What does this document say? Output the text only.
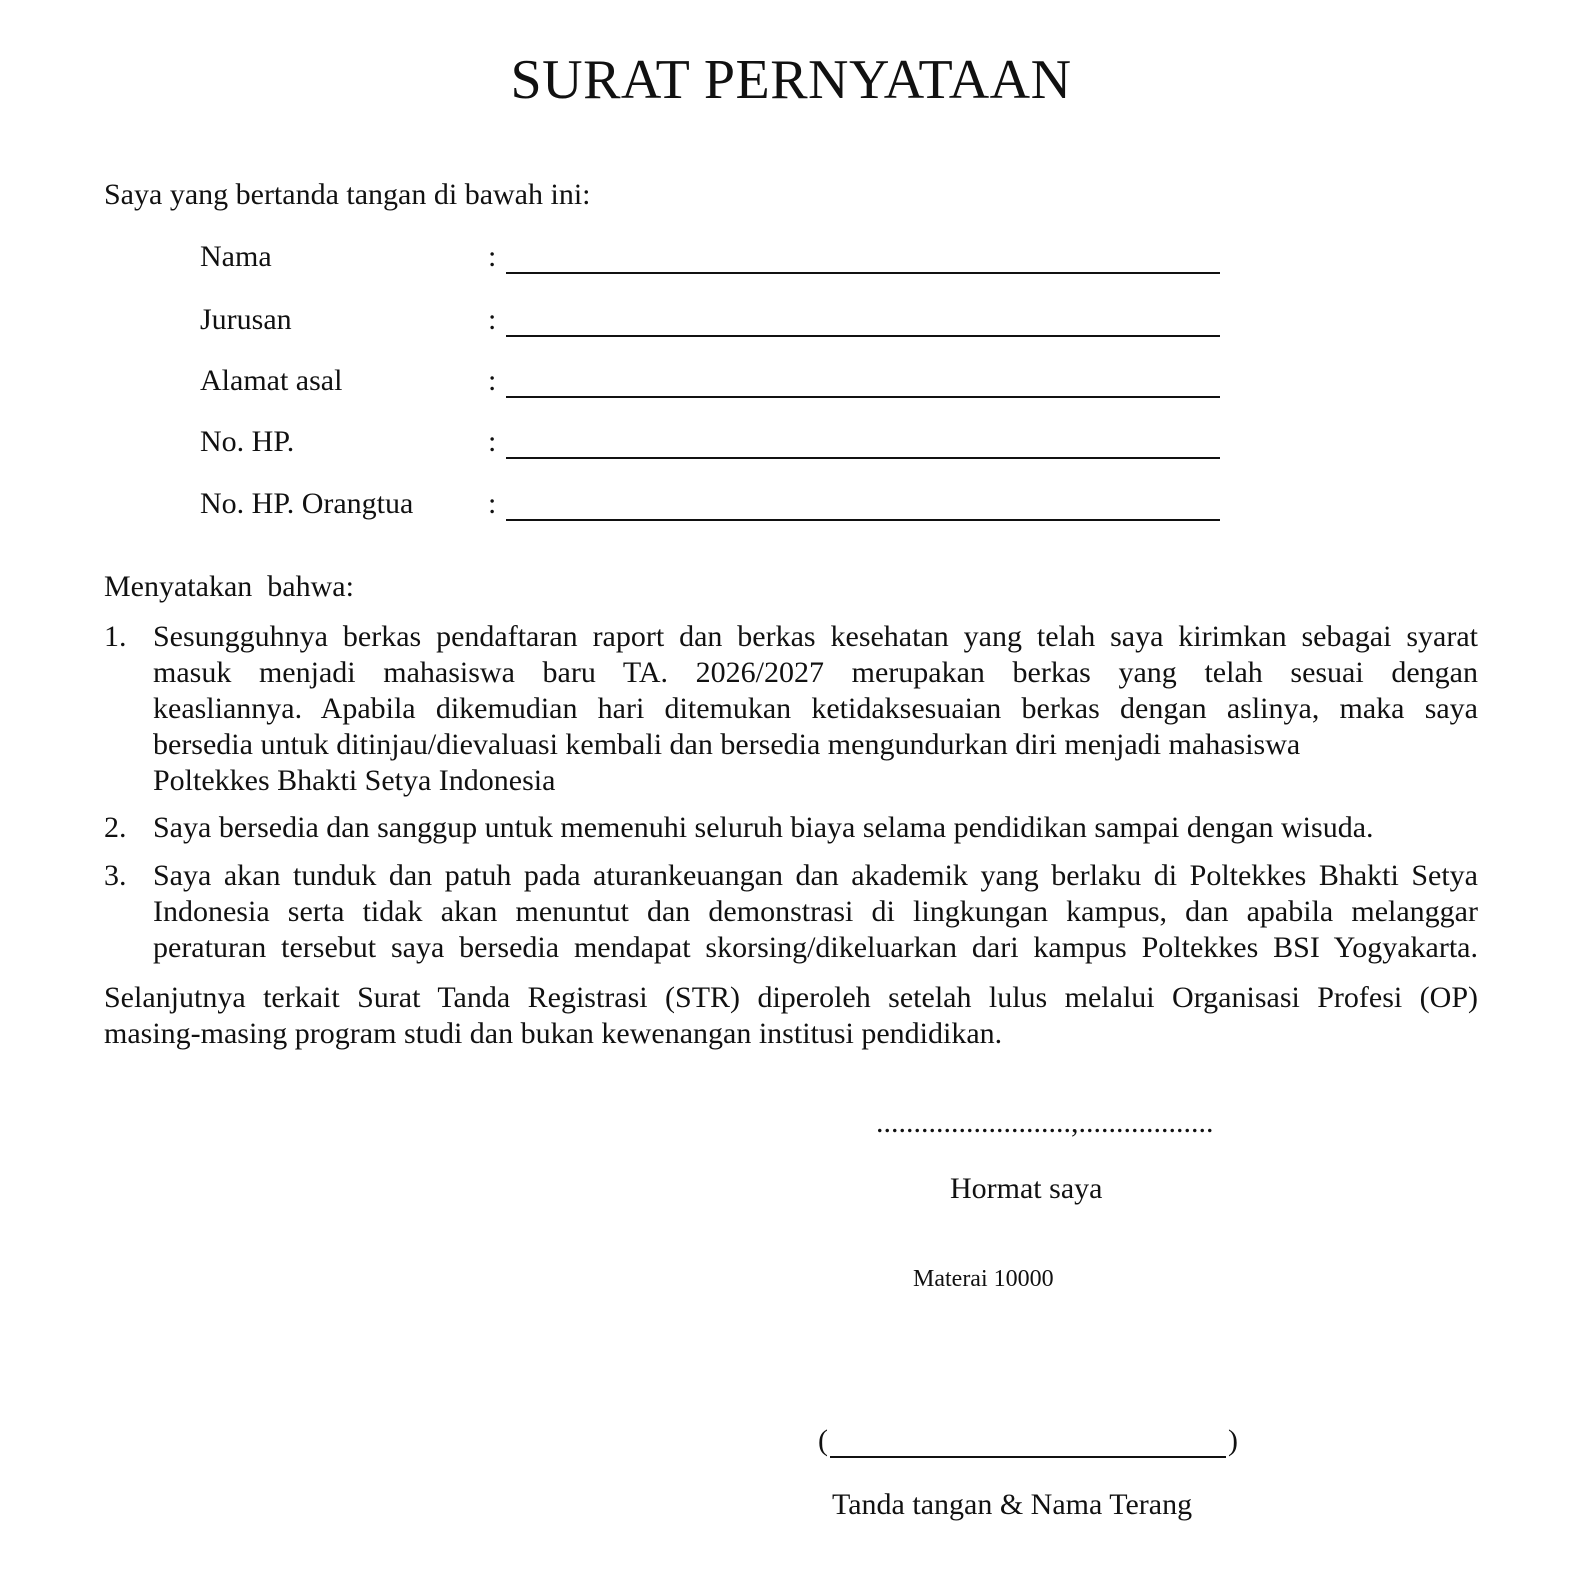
SURAT PERNYATAAN

Saya yang bertanda tangan di bawah ini:

Nama	:
Jurusan	:
Alamat asal	:
No. HP.	:
No. HP. Orangtua :

Menyatakan  bahwa:

1. Sesungguhnya berkas pendaftaran raport dan berkas kesehatan yang telah saya kirimkan sebagai syarat
masuk menjadi mahasiswa baru TA. 2026/2027 merupakan berkas yang telah sesuai dengan
keasliannya. Apabila dikemudian hari ditemukan ketidaksesuaian berkas dengan aslinya, maka saya
bersedia untuk ditinjau/dievaluasi kembali dan bersedia mengundurkan diri menjadi mahasiswa
Poltekkes Bhakti Setya Indonesia
2. Saya bersedia dan sanggup untuk memenuhi seluruh biaya selama pendidikan sampai dengan wisuda.
3. Saya akan tunduk dan patuh pada aturankeuangan dan akademik yang berlaku di Poltekkes Bhakti Setya
Indonesia serta tidak akan menuntut dan demonstrasi di lingkungan kampus, dan apabila melanggar
peraturan tersebut saya bersedia mendapat skorsing/dikeluarkan dari kampus Poltekkes BSI Yogyakarta.
Selanjutnya terkait Surat Tanda Registrasi (STR) diperoleh setelah lulus melalui Organisasi Profesi (OP)
masing-masing program studi dan bukan kewenangan institusi pendidikan.
..........................,..................
Hormat saya
Materai 10000
(	)
Tanda tangan & Nama Terang
